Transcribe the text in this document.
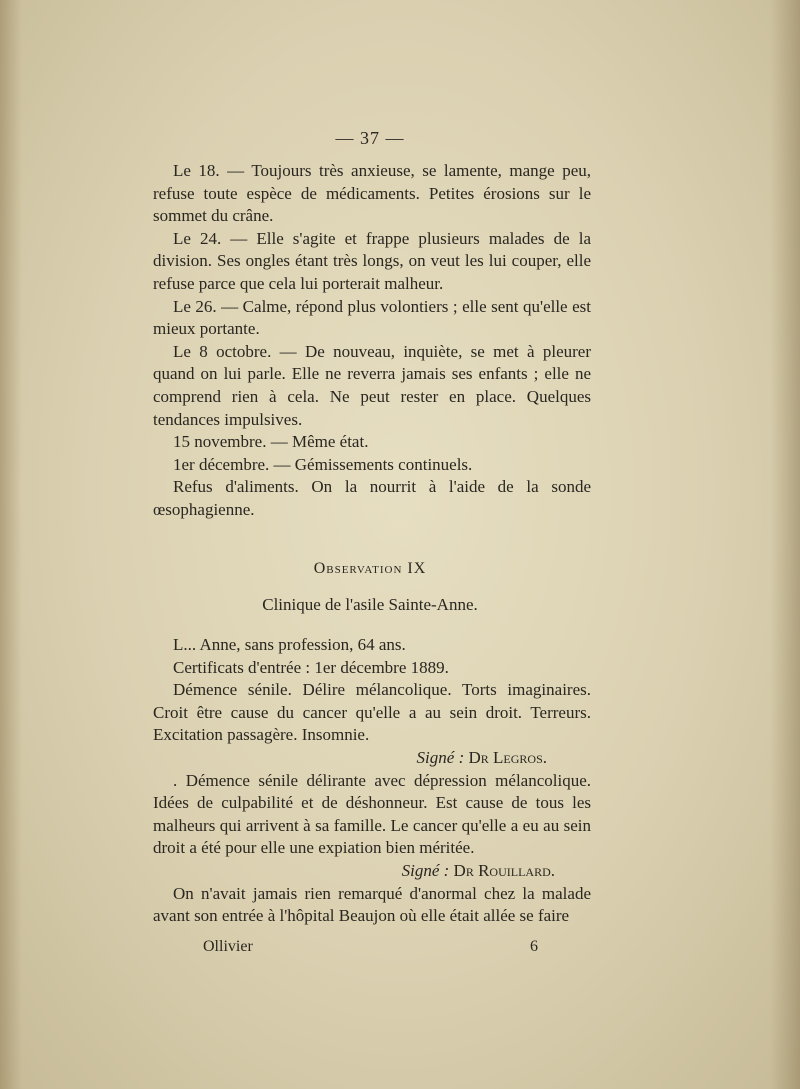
— 37 —

Le 18. — Toujours très anxieuse, se lamente, mange peu, refuse toute espèce de médicaments. Petites érosions sur le sommet du crâne.

Le 24. — Elle s'agite et frappe plusieurs malades de la division. Ses ongles étant très longs, on veut les lui couper, elle refuse parce que cela lui porterait malheur.

Le 26. — Calme, répond plus volontiers ; elle sent qu'elle est mieux portante.

Le 8 octobre. — De nouveau, inquiète, se met à pleurer quand on lui parle. Elle ne reverra jamais ses enfants ; elle ne comprend rien à cela. Ne peut rester en place. Quelques tendances impulsives.

15 novembre. — Même état.

1er décembre. — Gémissements continuels.

Refus d'aliments. On la nourrit à l'aide de la sonde œsophagienne.

Observation IX
Clinique de l'asile Sainte-Anne.

L... Anne, sans profession, 64 ans.

Certificats d'entrée : 1er décembre 1889.

Démence sénile. Délire mélancolique. Torts imaginaires. Croit être cause du cancer qu'elle a au sein droit. Terreurs. Excitation passagère. Insomnie.

Signé : Dr Legros.

. Démence sénile délirante avec dépression mélancolique. Idées de culpabilité et de déshonneur. Est cause de tous les malheurs qui arrivent à sa famille. Le cancer qu'elle a eu au sein droit a été pour elle une expiation bien méritée.

Signé : Dr Rouillard.

On n'avait jamais rien remarqué d'anormal chez la malade avant son entrée à l'hôpital Beaujon où elle était allée se faire

Ollivier	6
